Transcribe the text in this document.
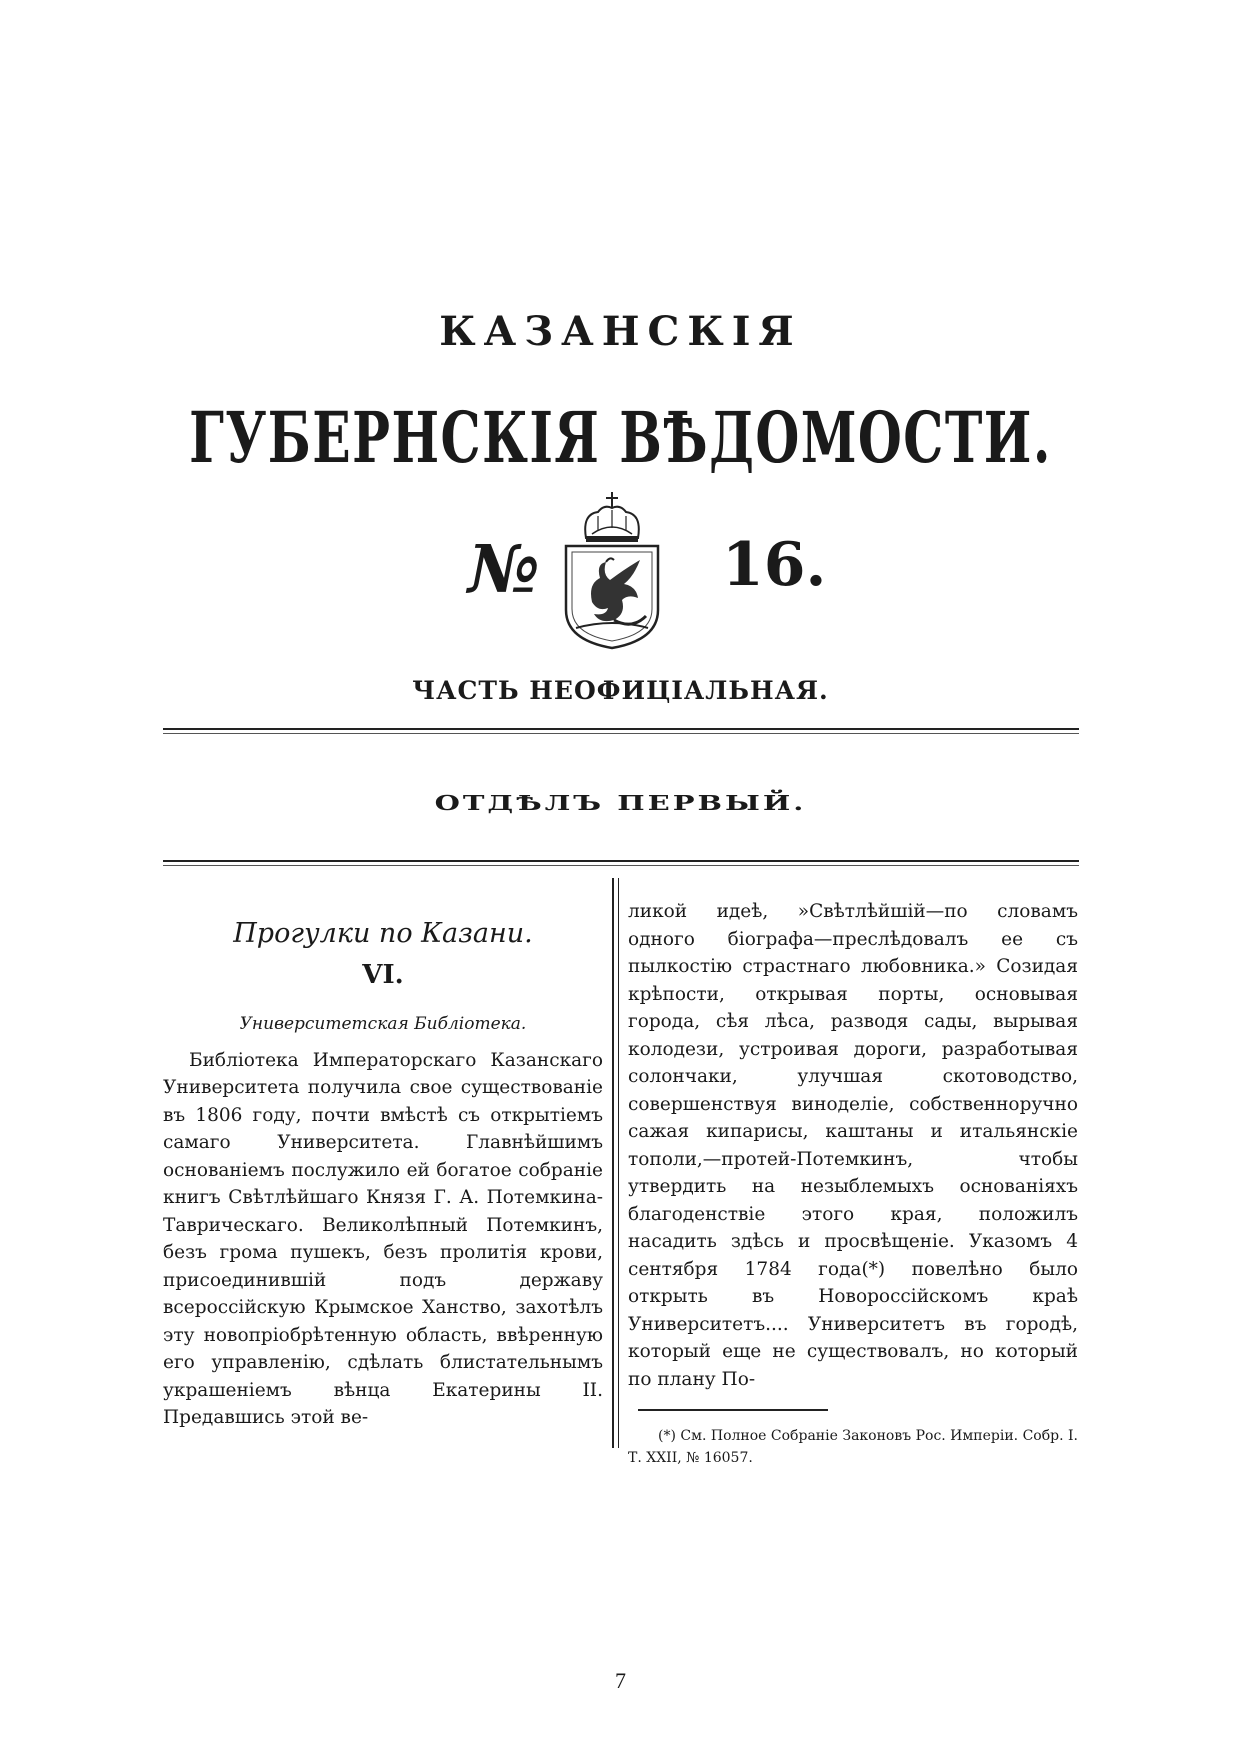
КАЗАНСКІЯ
ГУБЕРНСКІЯ ВѢДОМОСТИ.
№	16.
ЧАСТЬ НЕОФИЦІАЛЬНАЯ.
ОТДѢЛЪ ПЕРВЫЙ.

Прогулки по Казани.

VI.

Университетская Библіотека.

Библіотека Императорскаго Казанскаго Университета получила свое существованіе въ 1806 году, почти вмѣстѣ съ открытіемъ самаго Университета. Главнѣйшимъ основаніемъ послужило ей богатое собраніе книгъ Свѣтлѣйшаго Князя Г. А. Потемкина-Таврическаго. Великолѣпный Потемкинъ, безъ грома пушекъ, безъ пролитія крови, присоединившій подъ державу всероссійскую Крымское Ханство, захотѣлъ эту новопріобрѣтенную область, ввѣренную его управленію, сдѣлать блистательнымъ украшеніемъ вѣнца Екатерины II. Предавшись этой ве-

ликой идеѣ, »Свѣтлѣйшій—по словамъ одного біографа—преслѣдовалъ ее съ пылкостію страстнаго любовника.» Созидая крѣпости, открывая порты, основывая города, сѣя лѣса, разводя сады, вырывая колодези, устроивая дороги, разработывая солончаки, улучшая скотоводство, совершенствуя виноделіе, собственноручно сажая кипарисы, каштаны и итальянскіе тополи,—протей-Потемкинъ, чтобы утвердить на незыблемыхъ основаніяхъ благоденствіе этого края, положилъ насадить здѣсь и просвѣщеніе. Указомъ 4 сентября 1784 года(*) повелѣно было открыть въ Новороссійскомъ краѣ Университетъ.... Университетъ въ городѣ, который еще не существовалъ, но который по плану По-

(*) См. Полное Собраніе Законовъ Рос. Имперіи. Собр. I. Т. XXII, № 16057.

7
